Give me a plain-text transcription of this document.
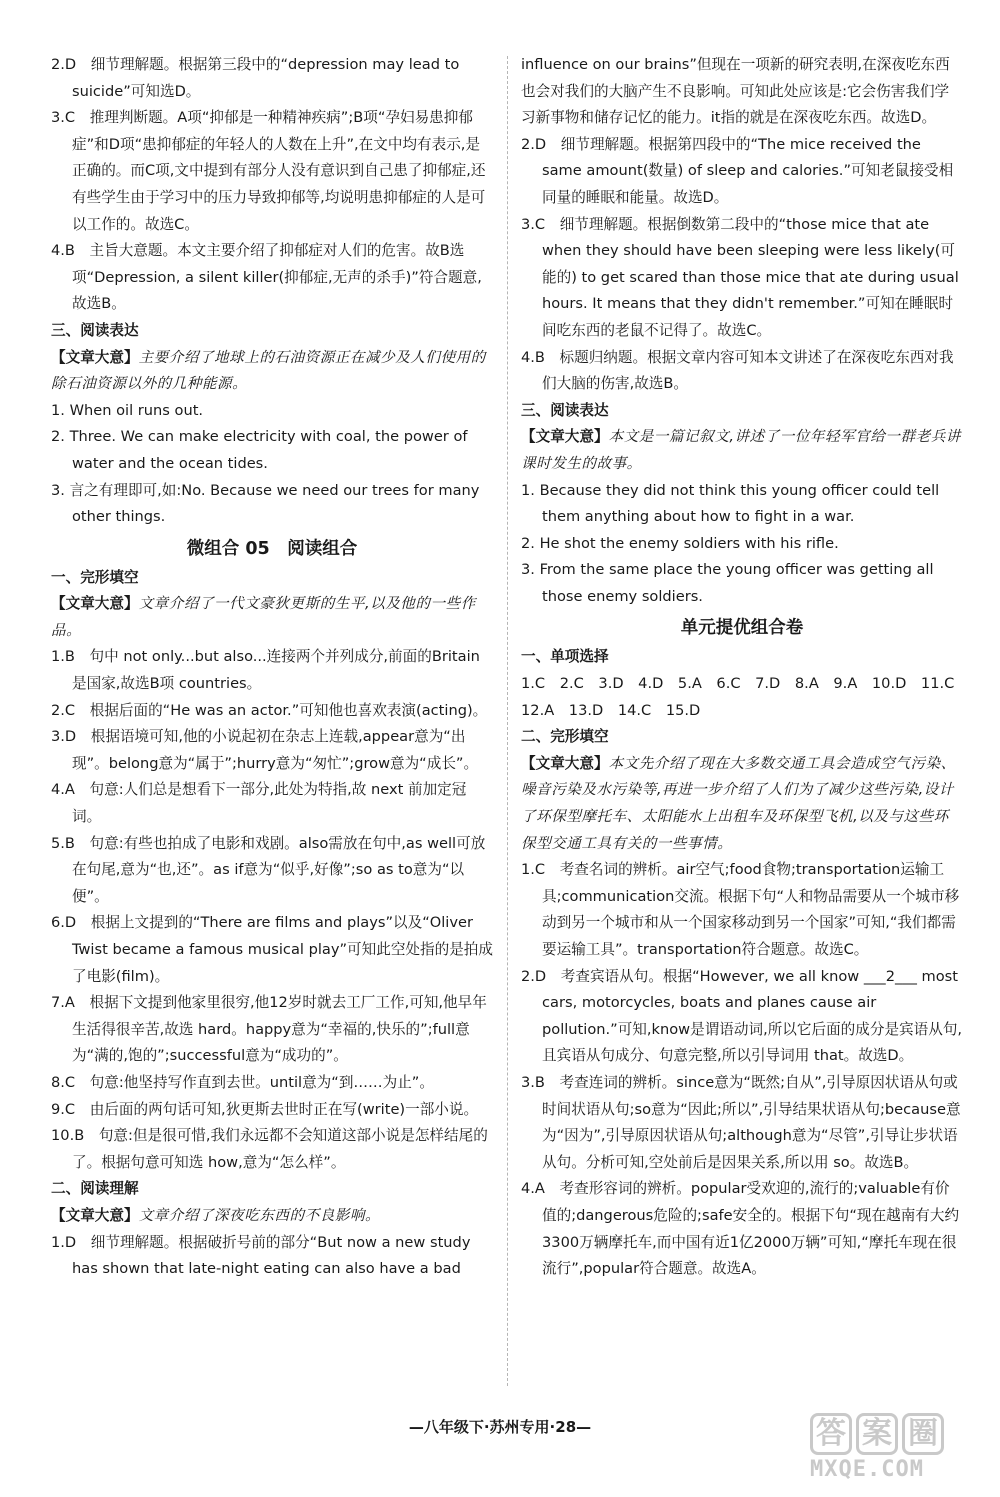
2.D　细节理解题。根据第三段中的“depression may lead to suicide”可知选D。

3.C　推理判断题。A项“抑郁是一种精神疾病”;B项“孕妇易患抑郁症”和D项“患抑郁症的年轻人的人数在上升”,在文中均有表示,是正确的。而C项,文中提到有部分人没有意识到自己患了抑郁症,还有些学生由于学习中的压力导致抑郁等,均说明患抑郁症的人是可以工作的。故选C。

4.B　主旨大意题。本文主要介绍了抑郁症对人们的危害。故B选项“Depression, a silent killer(抑郁症,无声的杀手)”符合题意,故选B。

三、阅读表达

【文章大意】主要介绍了地球上的石油资源正在减少及人们使用的除石油资源以外的几种能源。

1. When oil runs out.

2. Three. We can make electricity with coal, the power of water and the ocean tides.

3. 言之有理即可,如:No. Because we need our trees for many other things.

微组合 05　阅读组合

一、完形填空

【文章大意】文章介绍了一代文豪狄更斯的生平,以及他的一些作品。

1.B　句中 not only...but also...连接两个并列成分,前面的Britain是国家,故选B项 countries。

2.C　根据后面的“He was an actor.”可知他也喜欢表演(acting)。

3.D　根据语境可知,他的小说起初在杂志上连载,appear意为“出现”。belong意为“属于”;hurry意为“匆忙”;grow意为“成长”。

4.A　句意:人们总是想看下一部分,此处为特指,故 next 前加定冠词。

5.B　句意:有些也拍成了电影和戏剧。also需放在句中,as well可放在句尾,意为“也,还”。as if意为“似乎,好像”;so as to意为“以便”。

6.D　根据上文提到的“There are films and plays”以及“Oliver Twist became a famous musical play”可知此空处指的是拍成了电影(film)。

7.A　根据下文提到他家里很穷,他12岁时就去工厂工作,可知,他早年生活得很辛苦,故选 hard。happy意为“幸福的,快乐的”;full意为“满的,饱的”;successful意为“成功的”。

8.C　句意:他坚持写作直到去世。until意为“到……为止”。

9.C　由后面的两句话可知,狄更斯去世时正在写(write)一部小说。

10.B　句意:但是很可惜,我们永远都不会知道这部小说是怎样结尾的了。根据句意可知选 how,意为“怎么样”。

二、阅读理解

【文章大意】文章介绍了深夜吃东西的不良影响。

1.D　细节理解题。根据破折号前的部分“But now a new study has shown that late-night eating can also have a bad

influence on our brains”但现在一项新的研究表明,在深夜吃东西也会对我们的大脑产生不良影响。可知此处应该是:它会伤害我们学习新事物和储存记忆的能力。it指的就是在深夜吃东西。故选D。

2.D　细节理解题。根据第四段中的“The mice received the same amount(数量) of sleep and calories.”可知老鼠接受相同量的睡眠和能量。故选D。

3.C　细节理解题。根据倒数第二段中的“those mice that ate when they should have been sleeping were less likely(可能的) to get scared than those mice that ate during usual hours. It means that they didn't remember.”可知在睡眠时间吃东西的老鼠不记得了。故选C。

4.B　标题归纳题。根据文章内容可知本文讲述了在深夜吃东西对我们大脑的伤害,故选B。

三、阅读表达

【文章大意】本文是一篇记叙文,讲述了一位年轻军官给一群老兵讲课时发生的故事。

1. Because they did not think this young officer could tell them anything about how to fight in a war.

2. He shot the enemy soldiers with his rifle.

3. From the same place the young officer was getting all those enemy soldiers.

单元提优组合卷

一、单项选择

1.C　2.C　3.D　4.D　5.A　6.C　7.D　8.A　9.A　10.D　11.C　12.A　13.D　14.C　15.D

二、完形填空

【文章大意】本文先介绍了现在大多数交通工具会造成空气污染、噪音污染及水污染等,再进一步介绍了人们为了减少这些污染,设计了环保型摩托车、太阳能水上出租车及环保型飞机,以及与这些环保型交通工具有关的一些事情。

1.C　考查名词的辨析。air空气;food食物;transportation运输工具;communication交流。根据下句“人和物品需要从一个城市移动到另一个城市和从一个国家移动到另一个国家”可知,“我们都需要运输工具”。transportation符合题意。故选C。

2.D　考查宾语从句。根据“However, we all know ___2___ most cars, motorcycles, boats and planes cause air pollution.”可知,know是谓语动词,所以它后面的成分是宾语从句,且宾语从句成分、句意完整,所以引导词用 that。故选D。

3.B　考查连词的辨析。since意为“既然;自从”,引导原因状语从句或时间状语从句;so意为“因此;所以”,引导结果状语从句;because意为“因为”,引导原因状语从句;although意为“尽管”,引导让步状语从句。分析可知,空处前后是因果关系,所以用 so。故选B。

4.A　考查形容词的辨析。popular受欢迎的,流行的;valuable有价值的;dangerous危险的;safe安全的。根据下句“现在越南有大约3300万辆摩托车,而中国有近1亿2000万辆”可知,“摩托车现在很流行”,popular符合题意。故选A。

—八年级下·苏州专用·28—	答 案 圈
MXQE.COM
